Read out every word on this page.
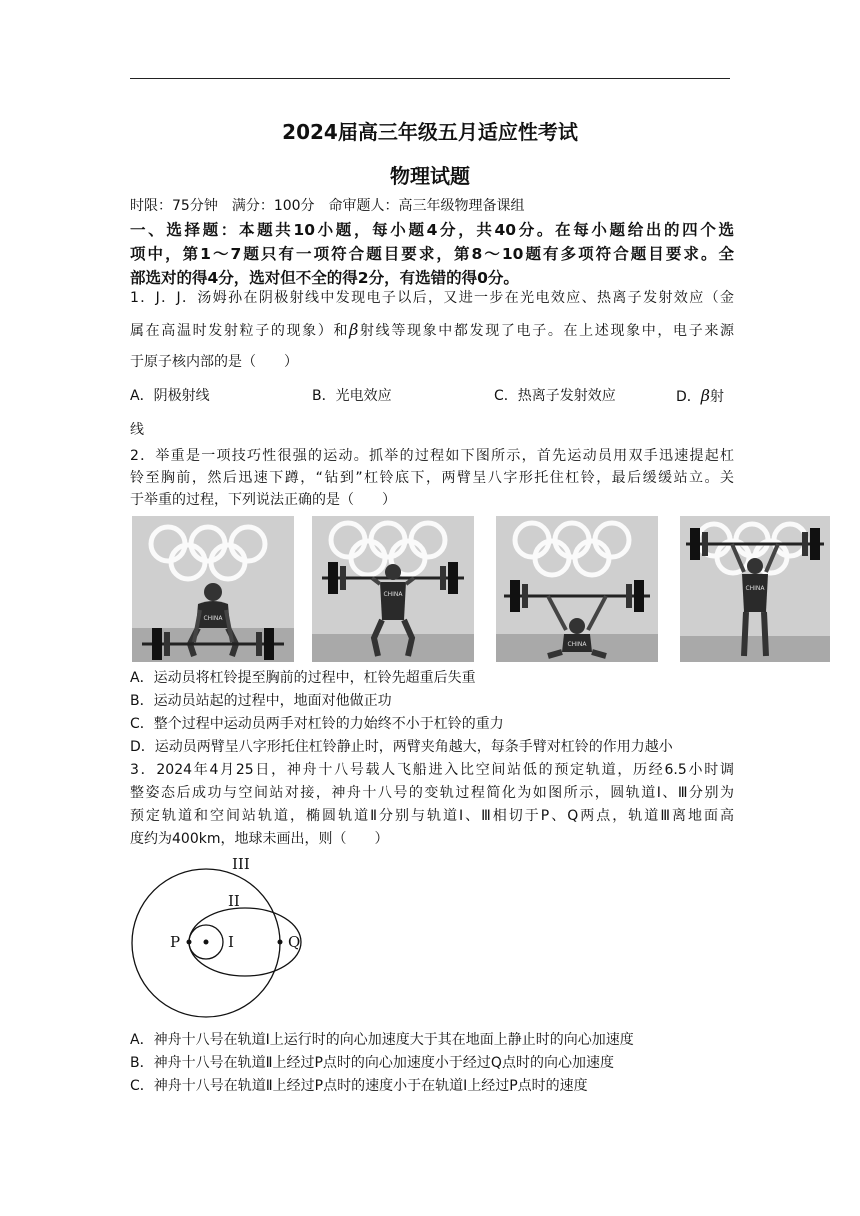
2024届高三年级五月适应性考试
物理试题
时限：75分钟　满分：100分　命审题人：高三年级物理备课组
一、选择题：本题共10小题，每小题4分，共40分。在每小题给出的四个选
项中，第1～7题只有一项符合题目要求，第8～10题有多项符合题目要求。全
部选对的得4分，选对但不全的得2分，有选错的得0分。
1．J．J．汤姆孙在阴极射线中发现电子以后，又进一步在光电效应、热离子发射效应（金
属在高温时发射粒子的现象）和β射线等现象中都发现了电子。在上述现象中，电子来源
于原子核内部的是（　　）
A．阴极射线	B．光电效应	C．热离子发射效应	D．β射
线
2．举重是一项技巧性很强的运动。抓举的过程如下图所示，首先运动员用双手迅速提起杠
铃至胸前，然后迅速下蹲，“钻到”杠铃底下，两臂呈八字形托住杠铃，最后缓缓站立。关
于举重的过程，下列说法正确的是（　　）
CHINA
CHINA
CHINA
CHINA
A．运动员将杠铃提至胸前的过程中，杠铃先超重后失重
B．运动员站起的过程中，地面对他做正功
C．整个过程中运动员两手对杠铃的力始终不小于杠铃的重力
D．运动员两臂呈八字形托住杠铃静止时，两臂夹角越大，每条手臂对杠铃的作用力越小
3．2024年4月25日，神舟十八号载人飞船进入比空间站低的预定轨道，历经6.5小时调
整姿态后成功与空间站对接，神舟十八号的变轨过程简化为如图所示，圆轨道Ⅰ、Ⅲ分别为
预定轨道和空间站轨道，椭圆轨道Ⅱ分别与轨道Ⅰ、Ⅲ相切于P、Q两点，轨道Ⅲ离地面高
度约为400km，地球未画出，则（　　）
III
II
I
P	Q
A．神舟十八号在轨道Ⅰ上运行时的向心加速度大于其在地面上静止时的向心加速度
B．神舟十八号在轨道Ⅱ上经过P点时的向心加速度小于经过Q点时的向心加速度
C．神舟十八号在轨道Ⅱ上经过P点时的速度小于在轨道Ⅰ上经过P点时的速度
